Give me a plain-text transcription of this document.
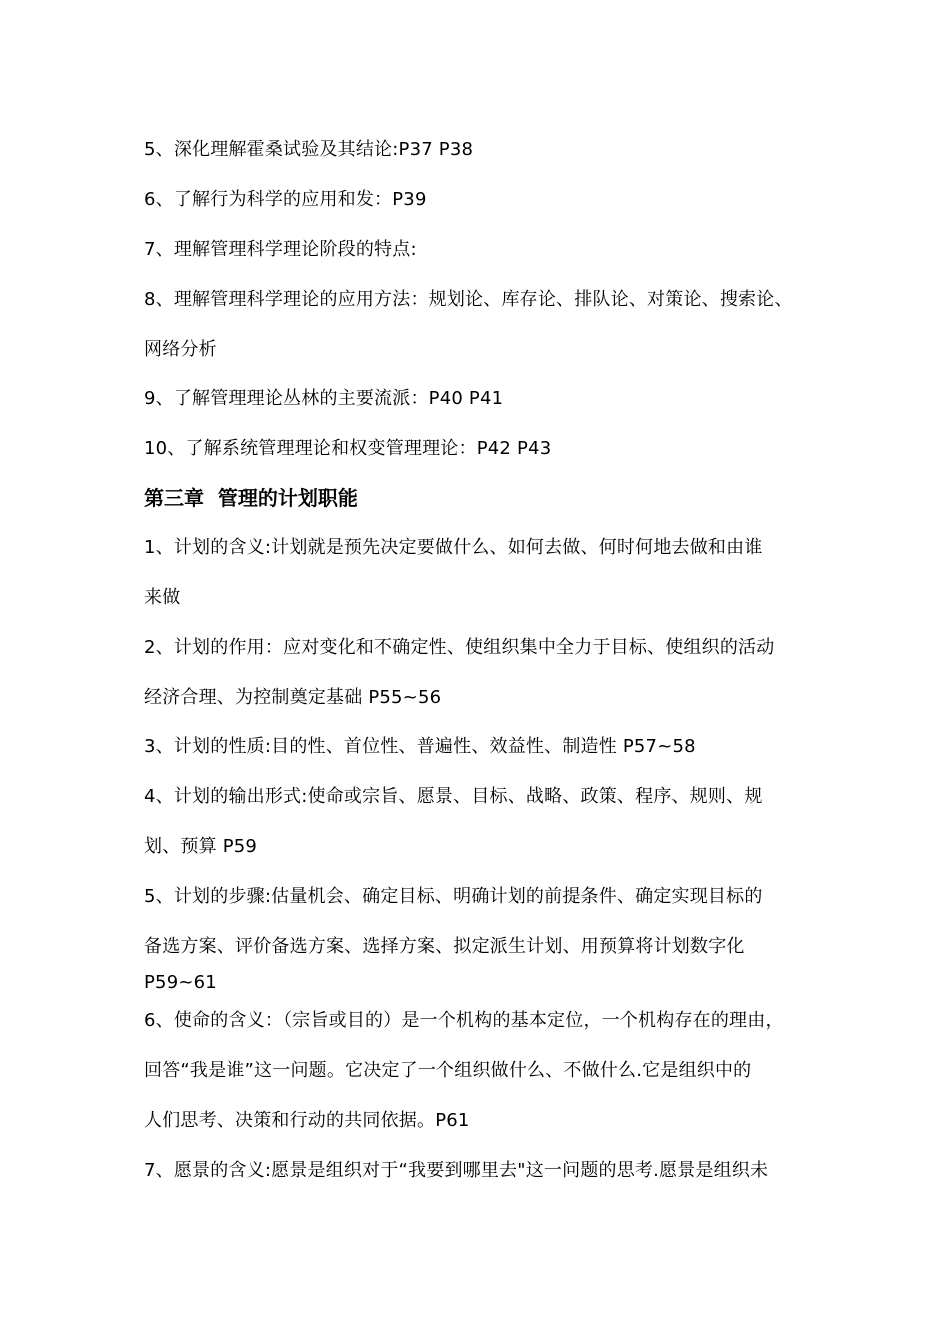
5、深化理解霍桑试验及其结论:P37 P38
6、了解行为科学的应用和发：P39
7、理解管理科学理论阶段的特点:
8、理解管理科学理论的应用方法：规划论、库存论、排队论、对策论、搜索论、
网络分析
9、了解管理理论丛林的主要流派：P40 P41
10、了解系统管理理论和权变管理理论：P42 P43
第三章  管理的计划职能
1、计划的含义:计划就是预先决定要做什么、如何去做、何时何地去做和由谁
来做
2、计划的作用：应对变化和不确定性、使组织集中全力于目标、使组织的活动
经济合理、为控制奠定基础 P55~56
3、计划的性质:目的性、首位性、普遍性、效益性、制造性 P57~58
4、计划的输出形式:使命或宗旨、愿景、目标、战略、政策、程序、规则、规
划、预算 P59
5、计划的步骤:估量机会、确定目标、明确计划的前提条件、确定实现目标的
备选方案、评价备选方案、选择方案、拟定派生计划、用预算将计划数字化
P59~61
6、使命的含义：（宗旨或目的）是一个机构的基本定位，一个机构存在的理由，
回答“我是谁”这一问题。它决定了一个组织做什么、不做什么.它是组织中的
人们思考、决策和行动的共同依据。P61
7、愿景的含义:愿景是组织对于“我要到哪里去"这一问题的思考.愿景是组织未
